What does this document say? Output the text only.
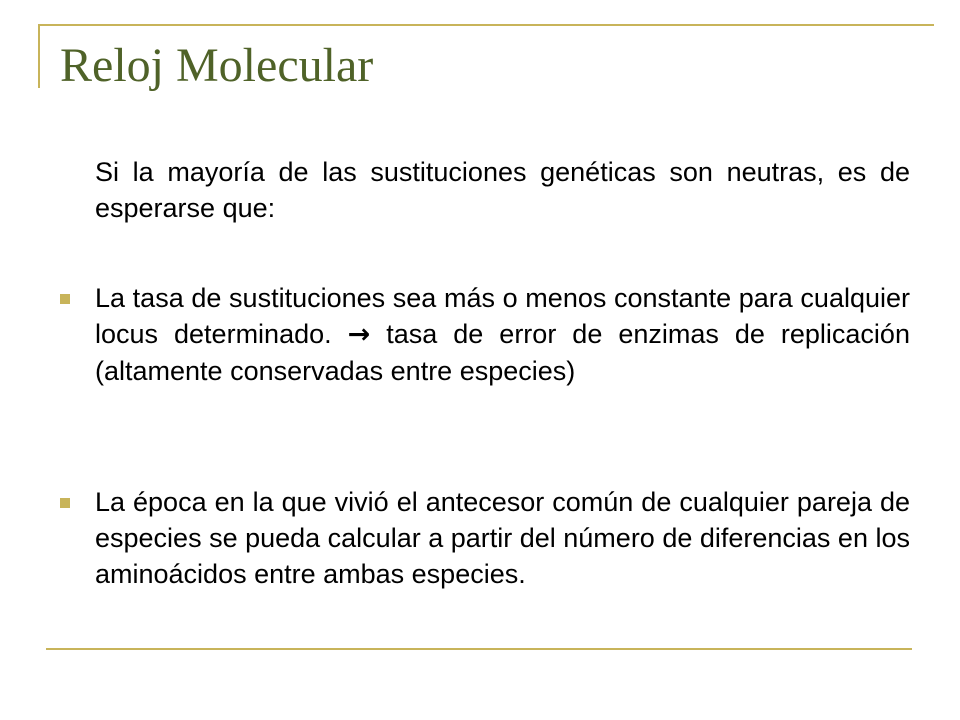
Reloj Molecular

Si la mayoría de las sustituciones genéticas son neutras, es de esperarse que:

La tasa de sustituciones sea más o menos constante para cualquier locus determinado. → tasa de error de enzimas de replicación (altamente conservadas entre especies)

La época en la que vivió el antecesor común de cualquier pareja de especies se pueda calcular a partir del número de diferencias en los aminoácidos entre ambas especies.
